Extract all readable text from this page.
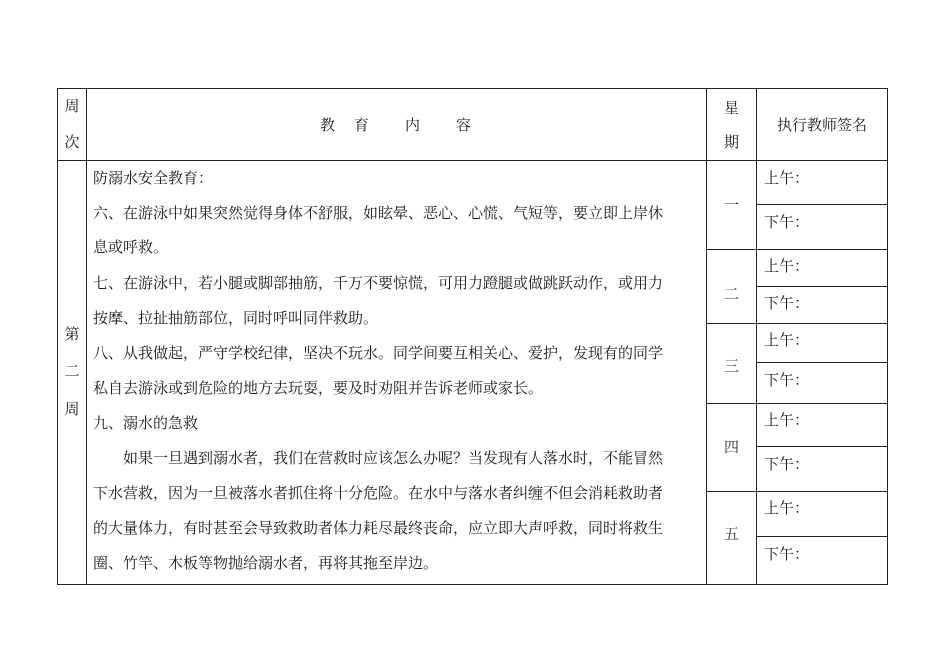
周
次
教　育　　内　　容
星
期
执行教师签名
第
二
周
防溺水安全教育：
六、在游泳中如果突然觉得身体不舒服，如眩晕、恶心、心慌、气短等，要立即上岸休
息或呼救。
七、在游泳中，若小腿或脚部抽筋，千万不要惊慌，可用力蹬腿或做跳跃动作，或用力
按摩、拉扯抽筋部位，同时呼叫同伴救助。
八、从我做起，严守学校纪律，坚决不玩水。同学间要互相关心、爱护，发现有的同学
私自去游泳或到危险的地方去玩耍，要及时劝阻并告诉老师或家长。
九、溺水的急救
如果一旦遇到溺水者，我们在营救时应该怎么办呢？当发现有人落水时，不能冒然
下水营救，因为一旦被落水者抓住将十分危险。在水中与落水者纠缠不但会消耗救助者
的大量体力，有时甚至会导致救助者体力耗尽最终丧命，应立即大声呼救，同时将救生
圈、竹竿、木板等物抛给溺水者，再将其拖至岸边。
一
二
三
四
五
上午：
下午：
上午：
下午：
上午：
下午：
上午：
下午：
上午：
下午：
